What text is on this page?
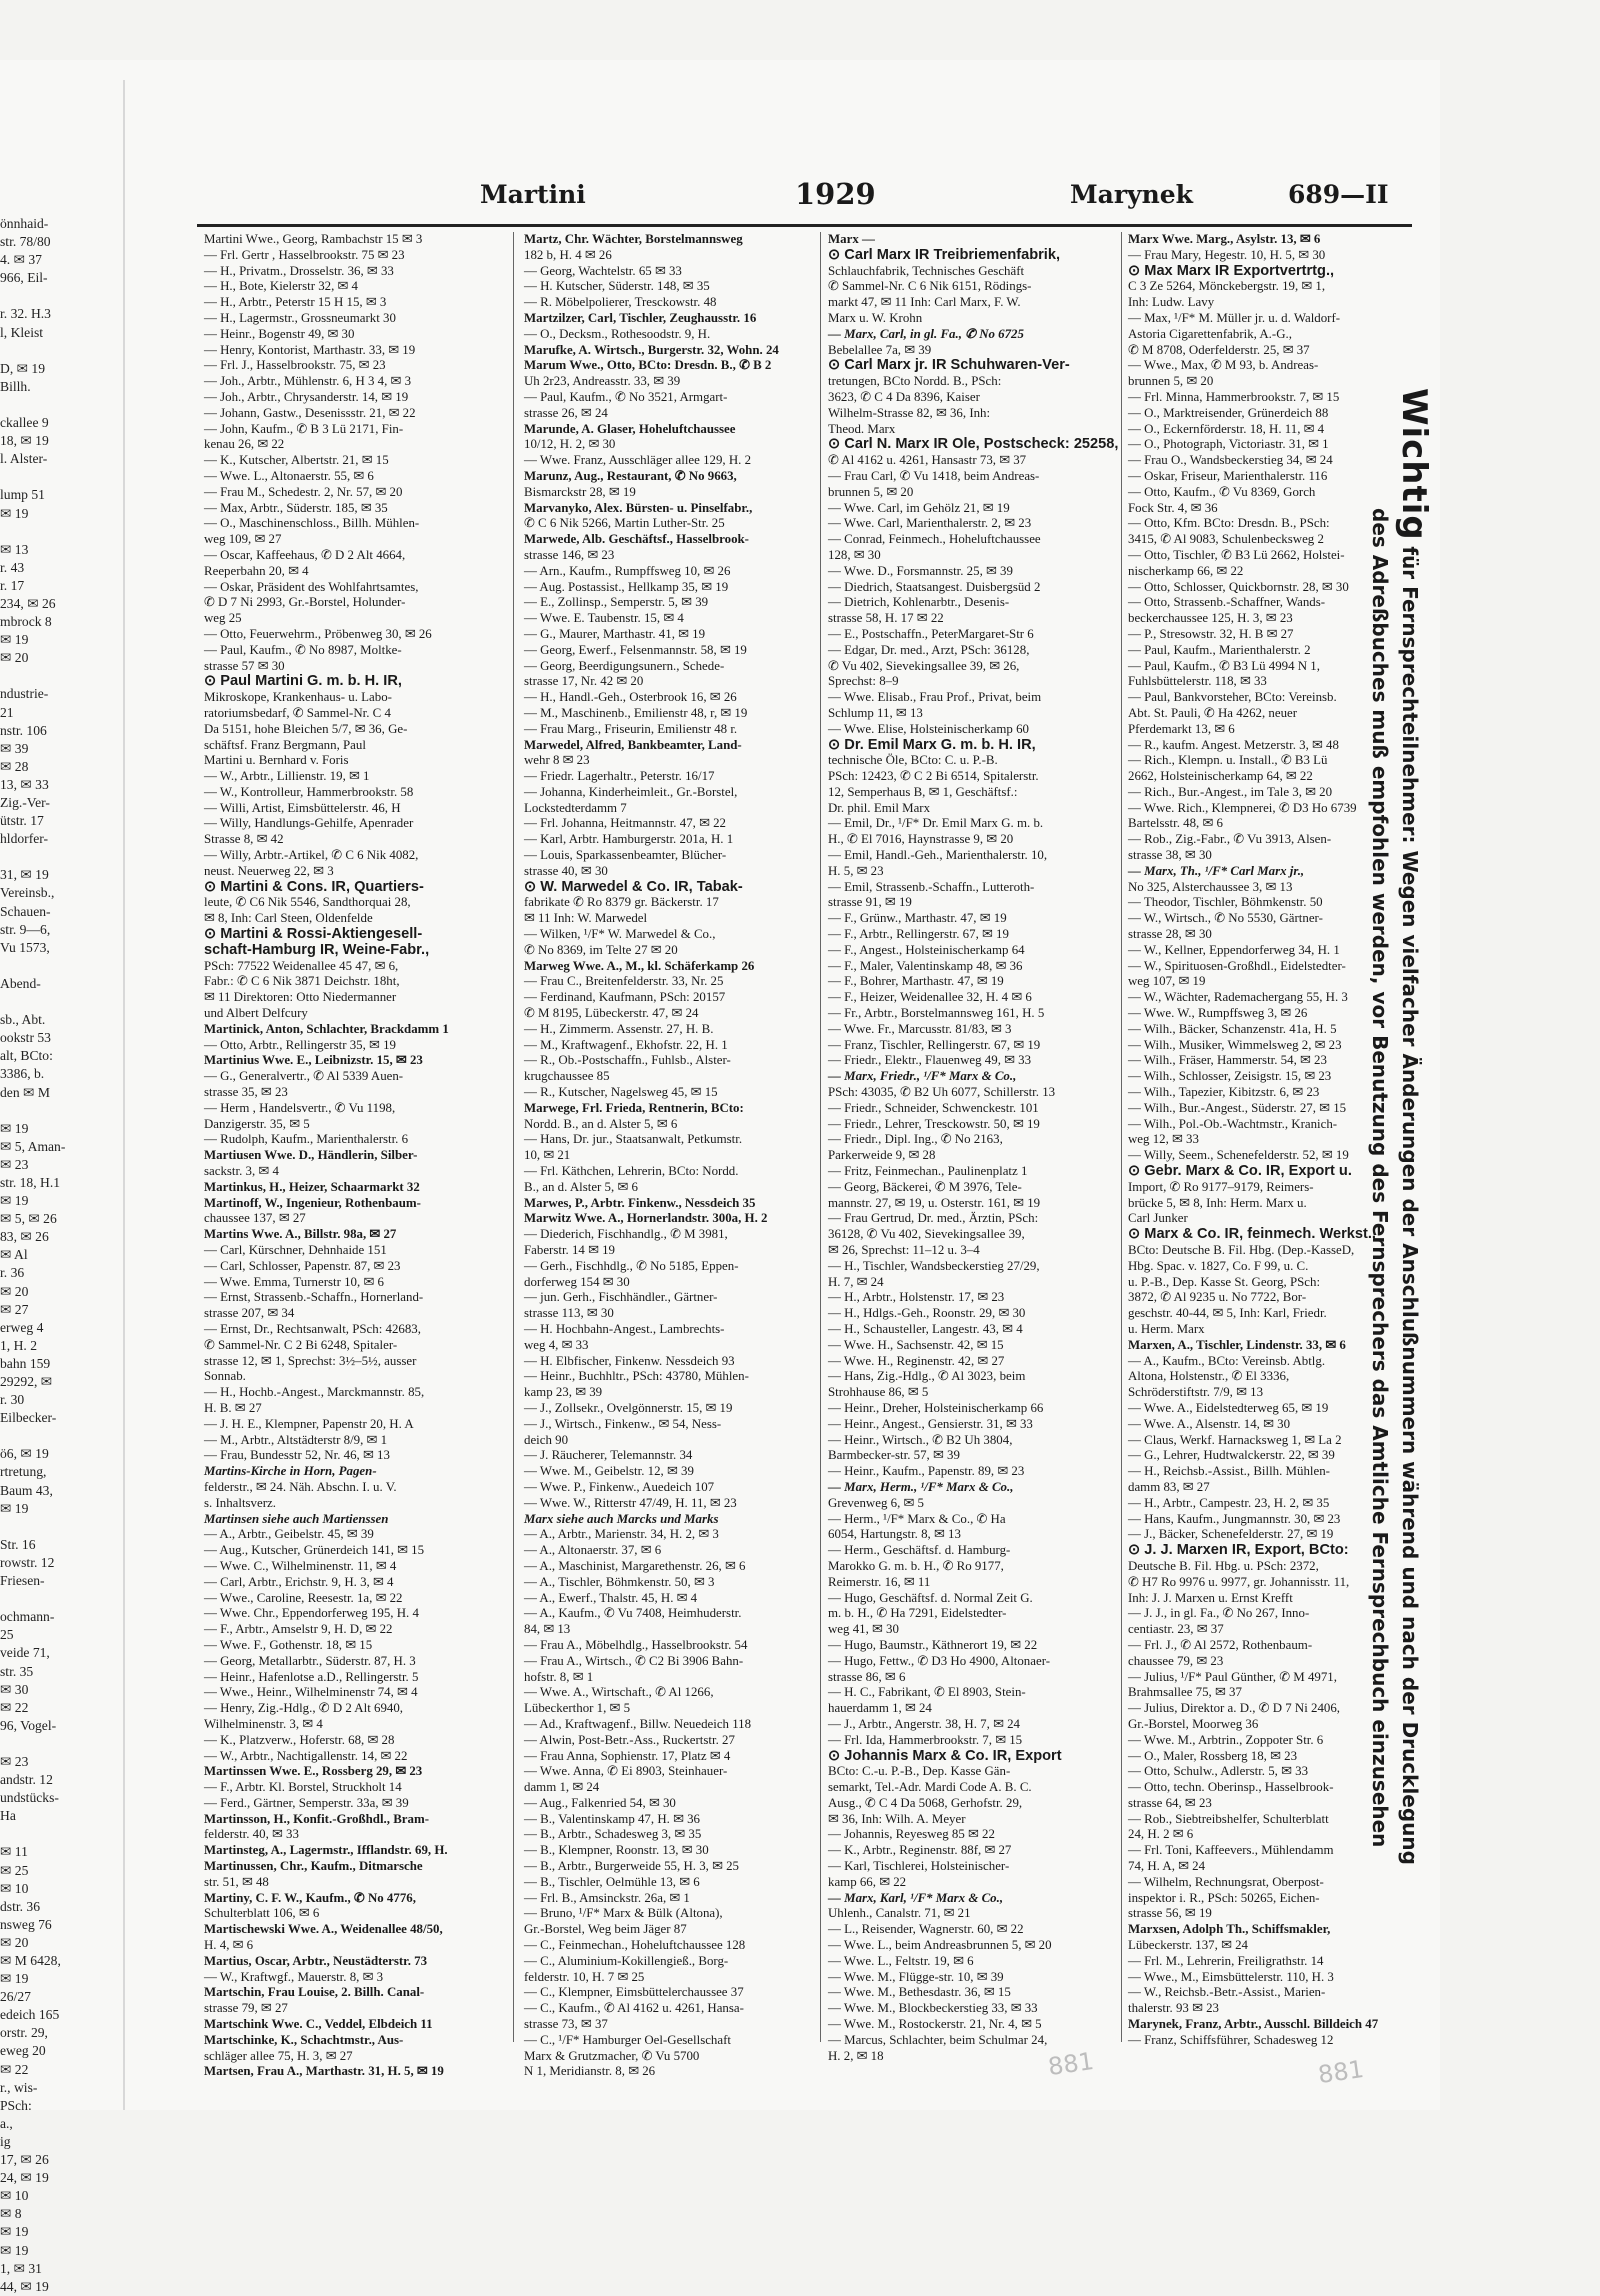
önnhaid-
str. 78/80
4. ✉ 37
966, Eil-

r. 32. H.3
l, Kleist

D, ✉ 19
Billh.

ckallee 9
18, ✉ 19
l. Alster-

lump 51
✉ 19

✉ 13
r. 43
r. 17
234, ✉ 26
mbrock 8
✉ 19
✉ 20

ndustrie-
21
nstr. 106
✉ 39
✉ 28
13, ✉ 33
Zig.-Ver-
ütstr. 17
hldorfer-

31, ✉ 19
Vereinsb.,
Schauen-
str. 9—6,
Vu 1573,

Abend-

sb., Abt.
ookstr 53
alt, BCto:
3386, b.
den ✉ M

✉ 19
✉ 5, Aman-
✉ 23
str. 18, H.1
✉ 19
✉ 5, ✉ 26
83, ✉ 26
✉ Al
r. 36
✉ 20
✉ 27
erweg 4
1, H. 2
bahn 159
29292, ✉
r. 30
Eilbecker-

ö6, ✉ 19
rtretung,
Baum 43,
✉ 19

Str. 16
rowstr. 12
Friesen-

ochmann-
25
veide 71,
str. 35
✉ 30
✉ 22
96, Vogel-

✉ 23
andstr. 12
undstücks-
Ha

✉ 11
✉ 25
✉ 10
dstr. 36
nsweg 76
✉ 20
✉ M 6428,
✉ 19
26/27
edeich 165
orstr. 29,
eweg 20
✉ 22
r., wis-
PSch:
a.,
ig
17, ✉ 26
24, ✉ 19
✉ 10
✉ 8
✉ 19
✉ 19
1, ✉ 31
44, ✉ 19
Martini	1929	Marynek	689—II
Martini Wwe., Georg, Rambachstr 15 ✉ 3
— Frl. Gertr , Hasselbrookstr. 75 ✉ 23
— H., Privatm., Drosselstr. 36, ✉ 33
— H., Bote, Kielerstr 32, ✉ 4
— H., Arbtr., Peterstr 15 H 15, ✉ 3
— H., Lagermstr., Grossneumarkt 30
— Heinr., Bogenstr 49, ✉ 30
— Henry, Kontorist, Marthastr. 33, ✉ 19
— Frl. J., Hasselbrookstr. 75, ✉ 23
— Joh., Arbtr., Mühlenstr. 6, H 3 4, ✉ 3
— Joh., Arbtr., Chrysanderstr. 14, ✉ 19
— Johann, Gastw., Desenissstr. 21, ✉ 22
— John, Kaufm., ✆ B 3 Lü 2171, Fin-
kenau 26, ✉ 22
— K., Kutscher, Albertstr. 21, ✉ 15
— Wwe. L., Altonaerstr. 55, ✉ 6
— Frau M., Schedestr. 2, Nr. 57, ✉ 20
— Max, Arbtr., Süderstr. 185, ✉ 35
— O., Maschinenschloss., Billh. Mühlen-
weg 109, ✉ 27
— Oscar, Kaffeehaus, ✆ D 2 Alt 4664,
Reeperbahn 20, ✉ 4
— Oskar, Präsident des Wohlfahrtsamtes,
✆ D 7 Ni 2993, Gr.-Borstel, Holunder-
weg 25
— Otto, Feuerwehrm., Pröbenweg 30, ✉ 26
— Paul, Kaufm., ✆ No 8987, Moltke-
strasse 57 ✉ 30
⊙ Paul Martini G. m. b. H. IR,
Mikroskope, Krankenhaus- u. Labo-
ratoriumsbedarf, ✆ Sammel-Nr. C 4
Da 5151, hohe Bleichen 5/7, ✉ 36, Ge-
schäftsf. Franz Bergmann, Paul
Martini u. Bernhard v. Foris
— W., Arbtr., Lillienstr. 19, ✉ 1
— W., Kontrolleur, Hammerbrookstr. 58
— Willi, Artist, Eimsbüttelerstr. 46, H
— Willy, Handlungs-Gehilfe, Apenrader
Strasse 8, ✉ 42
— Willy, Arbtr.-Artikel, ✆ C 6 Nik 4082,
neust. Neuerweg 22, ✉ 3
⊙ Martini & Cons. IR, Quartiers-
leute, ✆ C6 Nik 5546, Sandthorquai 28,
✉ 8, Inh: Carl Steen, Oldenfelde
⊙ Martini & Rossi-Aktiengesell-
schaft-Hamburg IR, Weine-Fabr.,
PSch: 77522 Weidenallee 45 47, ✉ 6,
Fabr.: ✆ C 6 Nik 3871 Deichstr. 18ht,
✉ 11 Direktoren: Otto Niedermanner
und Albert Delfcury
Martinick, Anton, Schlachter, Brackdamm 1
— Otto, Arbtr., Rellingerstr 35, ✉ 19
Martinius Wwe. E., Leibnizstr. 15, ✉ 23
— G., Generalvertr., ✆ Al 5339 Auen-
strasse 35, ✉ 23
— Herm , Handelsvertr., ✆ Vu 1198,
Danzigerstr. 35, ✉ 5
— Rudolph, Kaufm., Marienthalerstr. 6
Martiusen Wwe. D., Händlerin, Silber-
sackstr. 3, ✉ 4
Martinkus, H., Heizer, Schaarmarkt 32
Martinoff, W., Ingenieur, Rothenbaum-
chaussee 137, ✉ 27
Martins Wwe. A., Billstr. 98a, ✉ 27
— Carl, Kürschner, Dehnhaide 151
— Carl, Schlosser, Papenstr. 87, ✉ 23
— Wwe. Emma, Turnerstr 10, ✉ 6
— Ernst, Strassenb.-Schaffn., Hornerland-
strasse 207, ✉ 34
— Ernst, Dr., Rechtsanwalt, PSch: 42683,
✆ Sammel-Nr. C 2 Bi 6248, Spitaler-
strasse 12, ✉ 1, Sprechst: 3½–5½, ausser
Sonnab.
— H., Hochb.-Angest., Marckmannstr. 85,
H. B. ✉ 27
— J. H. E., Klempner, Papenstr 20, H. A
— M., Arbtr., Altstädterstr 8/9, ✉ 1
— Frau, Bundesstr 52, Nr. 46, ✉ 13
Martins-Kirche in Horn, Pagen-
felderstr., ✉ 24. Näh. Abschn. I. u. V.
s. Inhaltsverz.
Martinsen siehe auch Martienssen
— A., Arbtr., Geibelstr. 45, ✉ 39
— Aug., Kutscher, Grünerdeich 141, ✉ 15
— Wwe. C., Wilhelminenstr. 11, ✉ 4
— Carl, Arbtr., Erichstr. 9, H. 3, ✉ 4
— Wwe., Caroline, Reesestr. 1a, ✉ 22
— Wwe. Chr., Eppendorferweg 195, H. 4
— F., Arbtr., Amselstr 9, H. D, ✉ 22
— Wwe. F., Gothenstr. 18, ✉ 15
— Georg, Metallarbtr., Süderstr. 87, H. 3
— Heinr., Hafenlotse a.D., Rellingerstr. 5
— Wwe., Heinr., Wilhelminenstr 74, ✉ 4
— Henry, Zig.-Hdlg., ✆ D 2 Alt 6940,
Wilhelminenstr. 3, ✉ 4
— K., Platzverw., Hoferstr. 68, ✉ 28
— W., Arbtr., Nachtigallenstr. 14, ✉ 22
Martinssen Wwe. E., Rossberg 29, ✉ 23
— F., Arbtr. Kl. Borstel, Struckholt 14
— Ferd., Gärtner, Semperstr. 33a, ✉ 39
Martinsson, H., Konfit.-Großhdl., Bram-
felderstr. 40, ✉ 33
Martinsteg, A., Lagermstr., Ifflandstr. 69, H.
Martinussen, Chr., Kaufm., Ditmarsche
str. 51, ✉ 48
Martiny, C. F. W., Kaufm., ✆ No 4776,
Schulterblatt 106, ✉ 6
Martischewski Wwe. A., Weidenallee 48/50,
H. 4, ✉ 6
Martius, Oscar, Arbtr., Neustädterstr. 73
— W., Kraftwgf., Mauerstr. 8, ✉ 3
Martschin, Frau Louise, 2. Billh. Canal-
strasse 79, ✉ 27
Martschink Wwe. C., Veddel, Elbdeich 11
Martschinke, K., Schachtmstr., Aus-
schläger allee 75, H. 3, ✉ 27
Martsen, Frau A., Marthastr. 31, H. 5, ✉ 19
Martz, Chr. Wächter, Borstelmannsweg
182 b, H. 4 ✉ 26
— Georg, Wachtelstr. 65 ✉ 33
— H. Kutscher, Süderstr. 148, ✉ 35
— R. Möbelpolierer, Tresckowstr. 48
Martzilzer, Carl, Tischler, Zeughausstr. 16
— O., Decksm., Rothesoodstr. 9, H.
Marufke, A. Wirtsch., Burgerstr. 32, Wohn. 24
Marum Wwe., Otto, BCto: Dresdn. B., ✆ B 2
Uh 2r23, Andreasstr. 33, ✉ 39
— Paul, Kaufm., ✆ No 3521, Armgart-
strasse 26, ✉ 24
Marunde, A. Glaser, Hoheluftchaussee
10/12, H. 2, ✉ 30
— Wwe. Franz, Ausschläger allee 129, H. 2
Marunz, Aug., Restaurant, ✆ No 9663,
Bismarckstr 28, ✉ 19
Marvanyko, Alex. Bürsten- u. Pinselfabr.,
✆ C 6 Nik 5266, Martin Luther-Str. 25
Marwede, Alb. Geschäftsf., Hasselbrook-
strasse 146, ✉ 23
— Arn., Kaufm., Rumpffsweg 10, ✉ 26
— Aug. Postassist., Hellkamp 35, ✉ 19
— E., Zollinsp., Semperstr. 5, ✉ 39
— Wwe. E. Taubenstr. 15, ✉ 4
— G., Maurer, Marthastr. 41, ✉ 19
— Georg, Ewerf., Felsenmannstr. 58, ✉ 19
— Georg, Beerdigungsunern., Schede-
strasse 17, Nr. 42 ✉ 20
— H., Handl.-Geh., Osterbrook 16, ✉ 26
— M., Maschinenb., Emilienstr 48, r, ✉ 19
— Frau Marg., Friseurin, Emilienstr 48 r.
Marwedel, Alfred, Bankbeamter, Land-
wehr 8 ✉ 23
— Friedr. Lagerhaltr., Peterstr. 16/17
— Johanna, Kinderheimleit., Gr.-Borstel,
Lockstedterdamm 7
— Frl. Johanna, Heitmannstr. 47, ✉ 22
— Karl, Arbtr. Hamburgerstr. 201a, H. 1
— Louis, Sparkassenbeamter, Blücher-
strasse 40, ✉ 30
⊙ W. Marwedel & Co. IR, Tabak-
fabrikate ✆ Ro 8379 gr. Bäckerstr. 17
✉ 11 Inh: W. Marwedel
— Wilken, ¹/F* W. Marwedel & Co.,
✆ No 8369, im Telte 27 ✉ 20
Marweg Wwe. A., M., kl. Schäferkamp 26
— Frau C., Breitenfelderstr. 33, Nr. 25
— Ferdinand, Kaufmann, PSch: 20157
✆ M 8195, Lübeckerstr. 47, ✉ 24
— H., Zimmerm. Assenstr. 27, H. B.
— M., Kraftwagenf., Ekhofstr. 22, H. 1
— R., Ob.-Postschaffn., Fuhlsb., Alster-
krugchaussee 85
— R., Kutscher, Nagelsweg 45, ✉ 15
Marwege, Frl. Frieda, Rentnerin, BCto:
Nordd. B., an d. Alster 5, ✉ 6
— Hans, Dr. jur., Staatsanwalt, Petkumstr.
10, ✉ 21
— Frl. Käthchen, Lehrerin, BCto: Nordd.
B., an d. Alster 5, ✉ 6
Marwes, P., Arbtr. Finkenw., Nessdeich 35
Marwitz Wwe. A., Hornerlandstr. 300a, H. 2
— Diederich, Fischhandlg., ✆ M 3981,
Faberstr. 14 ✉ 19
— Gerh., Fischhdlg., ✆ No 5185, Eppen-
dorferweg 154 ✉ 30
— jun. Gerh., Fischhändler., Gärtner-
strasse 113, ✉ 30
— H. Hochbahn-Angest., Lambrechts-
weg 4, ✉ 33
— H. Elbfischer, Finkenw. Nessdeich 93
— Heinr., Buchhltr., PSch: 43780, Mühlen-
kamp 23, ✉ 39
— J., Zollsekr., Ovelgönnerstr. 15, ✉ 19
— J., Wirtsch., Finkenw., ✉ 54, Ness-
deich 90
— J. Räucherer, Telemannstr. 34
— Wwe. M., Geibelstr. 12, ✉ 39
— Wwe. P., Finkenw., Auedeich 107
— Wwe. W., Ritterstr 47/49, H. 11, ✉ 23
Marx siehe auch Marcks und Marks
— A., Arbtr., Marienstr. 34, H. 2, ✉ 3
— A., Altonaerstr. 37, ✉ 6
— A., Maschinist, Margarethenstr. 26, ✉ 6
— A., Tischler, Böhmkenstr. 50, ✉ 3
— A., Ewerf., Thalstr. 45, H. ✉ 4
— A., Kaufm., ✆ Vu 7408, Heimhuderstr.
84, ✉ 13
— Frau A., Möbelhdlg., Hasselbrookstr. 54
— Frau A., Wirtsch., ✆ C2 Bi 3906 Bahn-
hofstr. 8, ✉ 1
— Wwe. A., Wirtschaft., ✆ Al 1266,
Lübeckerthor 1, ✉ 5
— Ad., Kraftwagenf., Billw. Neuedeich 118
— Alwin, Post-Betr.-Ass., Ruckertstr. 27
— Frau Anna, Sophienstr. 17, Platz ✉ 4
— Wwe. Anna, ✆ Ei 8903, Steinhauer-
damm 1, ✉ 24
— Aug., Falkenried 54, ✉ 30
— B., Valentinskamp 47, H. ✉ 36
— B., Arbtr., Schadesweg 3, ✉ 35
— B., Klempner, Roonstr. 13, ✉ 30
— B., Arbtr., Burgerweide 55, H. 3, ✉ 25
— B., Tischler, Oelmühle 13, ✉ 6
— Frl. B., Amsinckstr. 26a, ✉ 1
— Bruno, ¹/F* Marx & Bülk (Altona),
Gr.-Borstel, Weg beim Jäger 87
— C., Feinmechan., Hoheluftchaussee 128
— C., Aluminium-Kokillengieß., Borg-
felderstr. 10, H. 7 ✉ 25
— C., Klempner, Eimsbüttelerchaussee 37
— C., Kaufm., ✆ Al 4162 u. 4261, Hansa-
strasse 73, ✉ 37
— C., ¹/F* Hamburger Oel-Gesellschaft
Marx & Grutzmacher, ✆ Vu 5700
N 1, Meridianstr. 8, ✉ 26
Marx —
⊙ Carl Marx IR Treibriemenfabrik,
Schlauchfabrik, Technisches Geschäft
✆ Sammel-Nr. C 6 Nik 6151, Rödings-
markt 47, ✉ 11 Inh: Carl Marx, F. W.
Marx u. W. Krohn
— Marx, Carl, in gl. Fa., ✆ No 6725
Bebelallee 7a, ✉ 39
⊙ Carl Marx jr. IR Schuhwaren-Ver-
tretungen, BCto Nordd. B., PSch:
3623, ✆ C 4 Da 8396, Kaiser
Wilhelm-Strasse 82, ✉ 36, Inh:
Theod. Marx
⊙ Carl N. Marx IR Ole, Postscheck: 25258,
✆ Al 4162 u. 4261, Hansastr 73, ✉ 37
— Frau Carl, ✆ Vu 1418, beim Andreas-
brunnen 5, ✉ 20
— Wwe. Carl, im Gehölz 21, ✉ 19
— Wwe. Carl, Marienthalerstr. 2, ✉ 23
— Conrad, Feinmech., Hoheluftchaussee
128, ✉ 30
— Wwe. D., Forsmannstr. 25, ✉ 39
— Diedrich, Staatsangest. Duisbergsüd 2
— Dietrich, Kohlenarbtr., Desenis-
strasse 58, H. 17 ✉ 22
— E., Postschaffn., PeterMargaret-Str 6
— Edgar, Dr. med., Arzt, PSch: 36128,
✆ Vu 402, Sievekingsallee 39, ✉ 26,
Sprechst: 8–9
— Wwe. Elisab., Frau Prof., Privat, beim
Schlump 11, ✉ 13
— Wwe. Elise, Holsteinischerkamp 60
⊙ Dr. Emil Marx G. m. b. H. IR,
technische Öle, BCto: C. u. P.-B.
PSch: 12423, ✆ C 2 Bi 6514, Spitalerstr.
12, Semperhaus B, ✉ 1, Geschäftsf.:
Dr. phil. Emil Marx
— Emil, Dr., ¹/F* Dr. Emil Marx G. m. b.
H., ✆ El 7016, Haynstrasse 9, ✉ 20
— Emil, Handl.-Geh., Marienthalerstr. 10,
H. 5, ✉ 23
— Emil, Strassenb.-Schaffn., Lutteroth-
strasse 91, ✉ 19
— F., Grünw., Marthastr. 47, ✉ 19
— F., Arbtr., Rellingerstr. 67, ✉ 19
— F., Angest., Holsteinischerkamp 64
— F., Maler, Valentinskamp 48, ✉ 36
— F., Bohrer, Marthastr. 47, ✉ 19
— F., Heizer, Weidenallee 32, H. 4 ✉ 6
— Fr., Arbtr., Borstelmannsweg 161, H. 5
— Wwe. Fr., Marcusstr. 81/83, ✉ 3
— Franz, Tischler, Rellingerstr. 67, ✉ 19
— Friedr., Elektr., Flauenweg 49, ✉ 33
— Marx, Friedr., ¹/F* Marx & Co.,
PSch: 43035, ✆ B2 Uh 6077, Schillerstr. 13
— Friedr., Schneider, Schwenckestr. 101
— Friedr., Lehrer, Tresckowstr. 50, ✉ 19
— Friedr., Dipl. Ing., ✆ No 2163,
Parkerweide 9, ✉ 28
— Fritz, Feinmechan., Paulinenplatz 1
— Georg, Bäckerei, ✆ M 3976, Tele-
mannstr. 27, ✉ 19, u. Osterstr. 161, ✉ 19
— Frau Gertrud, Dr. med., Ärztin, PSch:
36128, ✆ Vu 402, Sievekingsallee 39,
✉ 26, Sprechst: 11–12 u. 3–4
— H., Tischler, Wandsbeckerstieg 27/29,
H. 7, ✉ 24
— H., Arbtr., Holstenstr. 17, ✉ 23
— H., Hdlgs.-Geh., Roonstr. 29, ✉ 30
— H., Schausteller, Langestr. 43, ✉ 4
— Wwe. H., Sachsenstr. 42, ✉ 15
— Wwe. H., Reginenstr. 42, ✉ 27
— Hans, Zig.-Hdlg., ✆ Al 3023, beim
Strohhause 86, ✉ 5
— Heinr., Dreher, Holsteinischerkamp 66
— Heinr., Angest., Gensierstr. 31, ✉ 33
— Heinr., Wirtsch., ✆ B2 Uh 3804,
Barmbecker-str. 57, ✉ 39
— Heinr., Kaufm., Papenstr. 89, ✉ 23
— Marx, Herm., ¹/F* Marx & Co.,
Grevenweg 6, ✉ 5
— Herm., ¹/F* Marx & Co., ✆ Ha
6054, Hartungstr. 8, ✉ 13
— Herm., Geschäftsf. d. Hamburg-
Marokko G. m. b. H., ✆ Ro 9177,
Reimerstr. 16, ✉ 11
— Hugo, Geschäftsf. d. Normal Zeit G.
m. b. H., ✆ Ha 7291, Eidelstedter-
weg 41, ✉ 30
— Hugo, Baumstr., Käthnerort 19, ✉ 22
— Hugo, Fettw., ✆ D3 Ho 4900, Altonaer-
strasse 86, ✉ 6
— H. C., Fabrikant, ✆ El 8903, Stein-
hauerdamm 1, ✉ 24
— J., Arbtr., Angerstr. 38, H. 7, ✉ 24
— Frl. Ida, Hammerbrookstr. 7, ✉ 15
⊙ Johannis Marx & Co. IR, Export
BCto: C.-u. P.-B., Dep. Kasse Gän-
semarkt, Tel.-Adr. Mardi Code A. B. C.
Ausg., ✆ C 4 Da 5068, Gerhofstr. 29,
✉ 36, Inh: Wilh. A. Meyer
— Johannis, Reyesweg 85 ✉ 22
— K., Arbtr., Reginenstr. 88f, ✉ 27
— Karl, Tischlerei, Holsteinischer-
kamp 66, ✉ 22
— Marx, Karl, ¹/F* Marx & Co.,
Uhlenh., Canalstr. 71, ✉ 21
— L., Reisender, Wagnerstr. 60, ✉ 22
— Wwe. L., beim Andreasbrunnen 5, ✉ 20
— Wwe. L., Feltstr. 19, ✉ 6
— Wwe. M., Flügge-str. 10, ✉ 39
— Wwe. M., Bethesdastr. 36, ✉ 15
— Wwe. M., Blockbeckerstieg 33, ✉ 33
— Wwe. M., Rostockerstr. 21, Nr. 4, ✉ 5
— Marcus, Schlachter, beim Schulmar 24,
H. 2, ✉ 18
Marx Wwe. Marg., Asylstr. 13, ✉ 6
— Frau Mary, Hegestr. 10, H. 5, ✉ 30
⊙ Max Marx IR Exportvertrtg.,
C 3 Ze 5264, Mönckebergstr. 19, ✉ 1,
Inh: Ludw. Lavy
— Max, ¹/F* M. Müller jr. u. d. Waldorf-
Astoria Cigarettenfabrik, A.-G.,
✆ M 8708, Oderfelderstr. 25, ✉ 37
— Wwe., Max, ✆ M 93, b. Andreas-
brunnen 5, ✉ 20
— Frl. Minna, Hammerbrookstr. 7, ✉ 15
— O., Marktreisender, Grünerdeich 88
— O., Eckernförderstr. 18, H. 11, ✉ 4
— O., Photograph, Victoriastr. 31, ✉ 1
— Frau O., Wandsbeckerstieg 34, ✉ 24
— Oskar, Friseur, Marienthalerstr. 116
— Otto, Kaufm., ✆ Vu 8369, Gorch
Fock Str. 4, ✉ 36
— Otto, Kfm. BCto: Dresdn. B., PSch:
3415, ✆ Al 9083, Schulenbecksweg 2
— Otto, Tischler, ✆ B3 Lü 2662, Holstei-
nischerkamp 66, ✉ 22
— Otto, Schlosser, Quickbornstr. 28, ✉ 30
— Otto, Strassenb.-Schaffner, Wands-
beckerchaussee 125, H. 3, ✉ 23
— P., Stresowstr. 32, H. B ✉ 27
— Paul, Kaufm., Marienthalerstr. 2
— Paul, Kaufm., ✆ B3 Lü 4994 N 1,
Fuhlsbüttelerstr. 118, ✉ 33
— Paul, Bankvorsteher, BCto: Vereinsb.
Abt. St. Pauli, ✆ Ha 4262, neuer
Pferdemarkt 13, ✉ 6
— R., kaufm. Angest. Metzerstr. 3, ✉ 48
— Rich., Klempn. u. Install., ✆ B3 Lü
2662, Holsteinischerkamp 64, ✉ 22
— Rich., Bur.-Angest., im Tale 3, ✉ 20
— Wwe. Rich., Klempnerei, ✆ D3 Ho 6739
Bartelsstr. 48, ✉ 6
— Rob., Zig.-Fabr., ✆ Vu 3913, Alsen-
strasse 38, ✉ 30
— Marx, Th., ¹/F* Carl Marx jr.,
No 325, Alsterchaussee 3, ✉ 13
— Theodor, Tischler, Böhmkenstr. 50
— W., Wirtsch., ✆ No 5530, Gärtner-
strasse 28, ✉ 30
— W., Kellner, Eppendorferweg 34, H. 1
— W., Spirituosen-Großhdl., Eidelstedter-
weg 107, ✉ 19
— W., Wächter, Rademachergang 55, H. 3
— Wwe. W., Rumpffsweg 3, ✉ 26
— Wilh., Bäcker, Schanzenstr. 41a, H. 5
— Wilh., Musiker, Wimmelsweg 2, ✉ 23
— Wilh., Fräser, Hammerstr. 54, ✉ 23
— Wilh., Schlosser, Zeisigstr. 15, ✉ 23
— Wilh., Tapezier, Kibitzstr. 6, ✉ 23
— Wilh., Bur.-Angest., Süderstr. 27, ✉ 15
— Wilh., Pol.-Ob.-Wachtmstr., Kranich-
weg 12, ✉ 33
— Willy, Seem., Schenefelderstr. 52, ✉ 19
⊙ Gebr. Marx & Co. IR, Export u.
Import, ✆ Ro 9177–9179, Reimers-
brücke 5, ✉ 8, Inh: Herm. Marx u.
Carl Junker
⊙ Marx & Co. IR, feinmech. Werkst.,
BCto: Deutsche B. Fil. Hbg. (Dep.-KasseD,
Hbg. Spac. v. 1827, Co. F 99, u. C.
u. P.-B., Dep. Kasse St. Georg, PSch:
3872, ✆ Al 9235 u. No 7722, Bor-
geschstr. 40-44, ✉ 5, Inh: Karl, Friedr.
u. Herm. Marx
Marxen, A., Tischler, Lindenstr. 33, ✉ 6
— A., Kaufm., BCto: Vereinsb. Abtlg.
Altona, Holstenstr., ✆ El 3336,
Schröderstiftstr. 7/9, ✉ 13
— Wwe. A., Eidelstedterweg 65, ✉ 19
— Wwe. A., Alsenstr. 14, ✉ 30
— Claus, Werkf. Harnacksweg 1, ✉ La 2
— G., Lehrer, Hudtwalckerstr. 22, ✉ 39
— H., Reichsb.-Assist., Billh. Mühlen-
damm 83, ✉ 27
— H., Arbtr., Campestr. 23, H. 2, ✉ 35
— Hans, Kaufm., Jungmannstr. 30, ✉ 23
— J., Bäcker, Schenefelderstr. 27, ✉ 19
⊙ J. J. Marxen IR, Export, BCto:
Deutsche B. Fil. Hbg. u. PSch: 2372,
✆ H7 Ro 9976 u. 9977, gr. Johannisstr. 11,
Inh: J. J. Marxen u. Ernst Krefft
— J. J., in gl. Fa., ✆ No 267, Inno-
centiastr. 23, ✉ 37
— Frl. J., ✆ Al 2572, Rothenbaum-
chaussee 79, ✉ 23
— Julius, ¹/F* Paul Günther, ✆ M 4971,
Brahmsallee 75, ✉ 37
— Julius, Direktor a. D., ✆ D 7 Ni 2406,
Gr.-Borstel, Moorweg 36
— Wwe. M., Arbtrin., Zoppoter Str. 6
— O., Maler, Rossberg 18, ✉ 23
— Otto, Schulw., Adlerstr. 5, ✉ 33
— Otto, techn. Oberinsp., Hasselbrook-
strasse 64, ✉ 23
— Rob., Siebtreibshelfer, Schulterblatt
24, H. 2 ✉ 6
— Frl. Toni, Kaffeevers., Mühlendamm
74, H. A, ✉ 24
— Wilhelm, Rechnungsrat, Oberpost-
inspektor i. R., PSch: 50265, Eichen-
strasse 56, ✉ 19
Marxsen, Adolph Th., Schiffsmakler,
Lübeckerstr. 137, ✉ 24
— Frl. M., Lehrerin, Freiligrathstr. 14
— Wwe., M., Eimsbüttelerstr. 110, H. 3
— W., Reichsb.-Betr.-Assist., Marien-
thalerstr. 93 ✉ 23
Marynek, Franz, Arbtr., Ausschl. Billdeich 47
— Franz, Schiffsführer, Schadesweg 12
Wichtig für Fernsprechteilnehmer: Wegen vielfacher Änderungen der Anschlußnummern während und nach der Drucklegung
des Adreßbuches muß empfohlen werden, vor Benutzung des Fernsprechers das Amtliche Fernsprechbuch einzusehen
881	881
